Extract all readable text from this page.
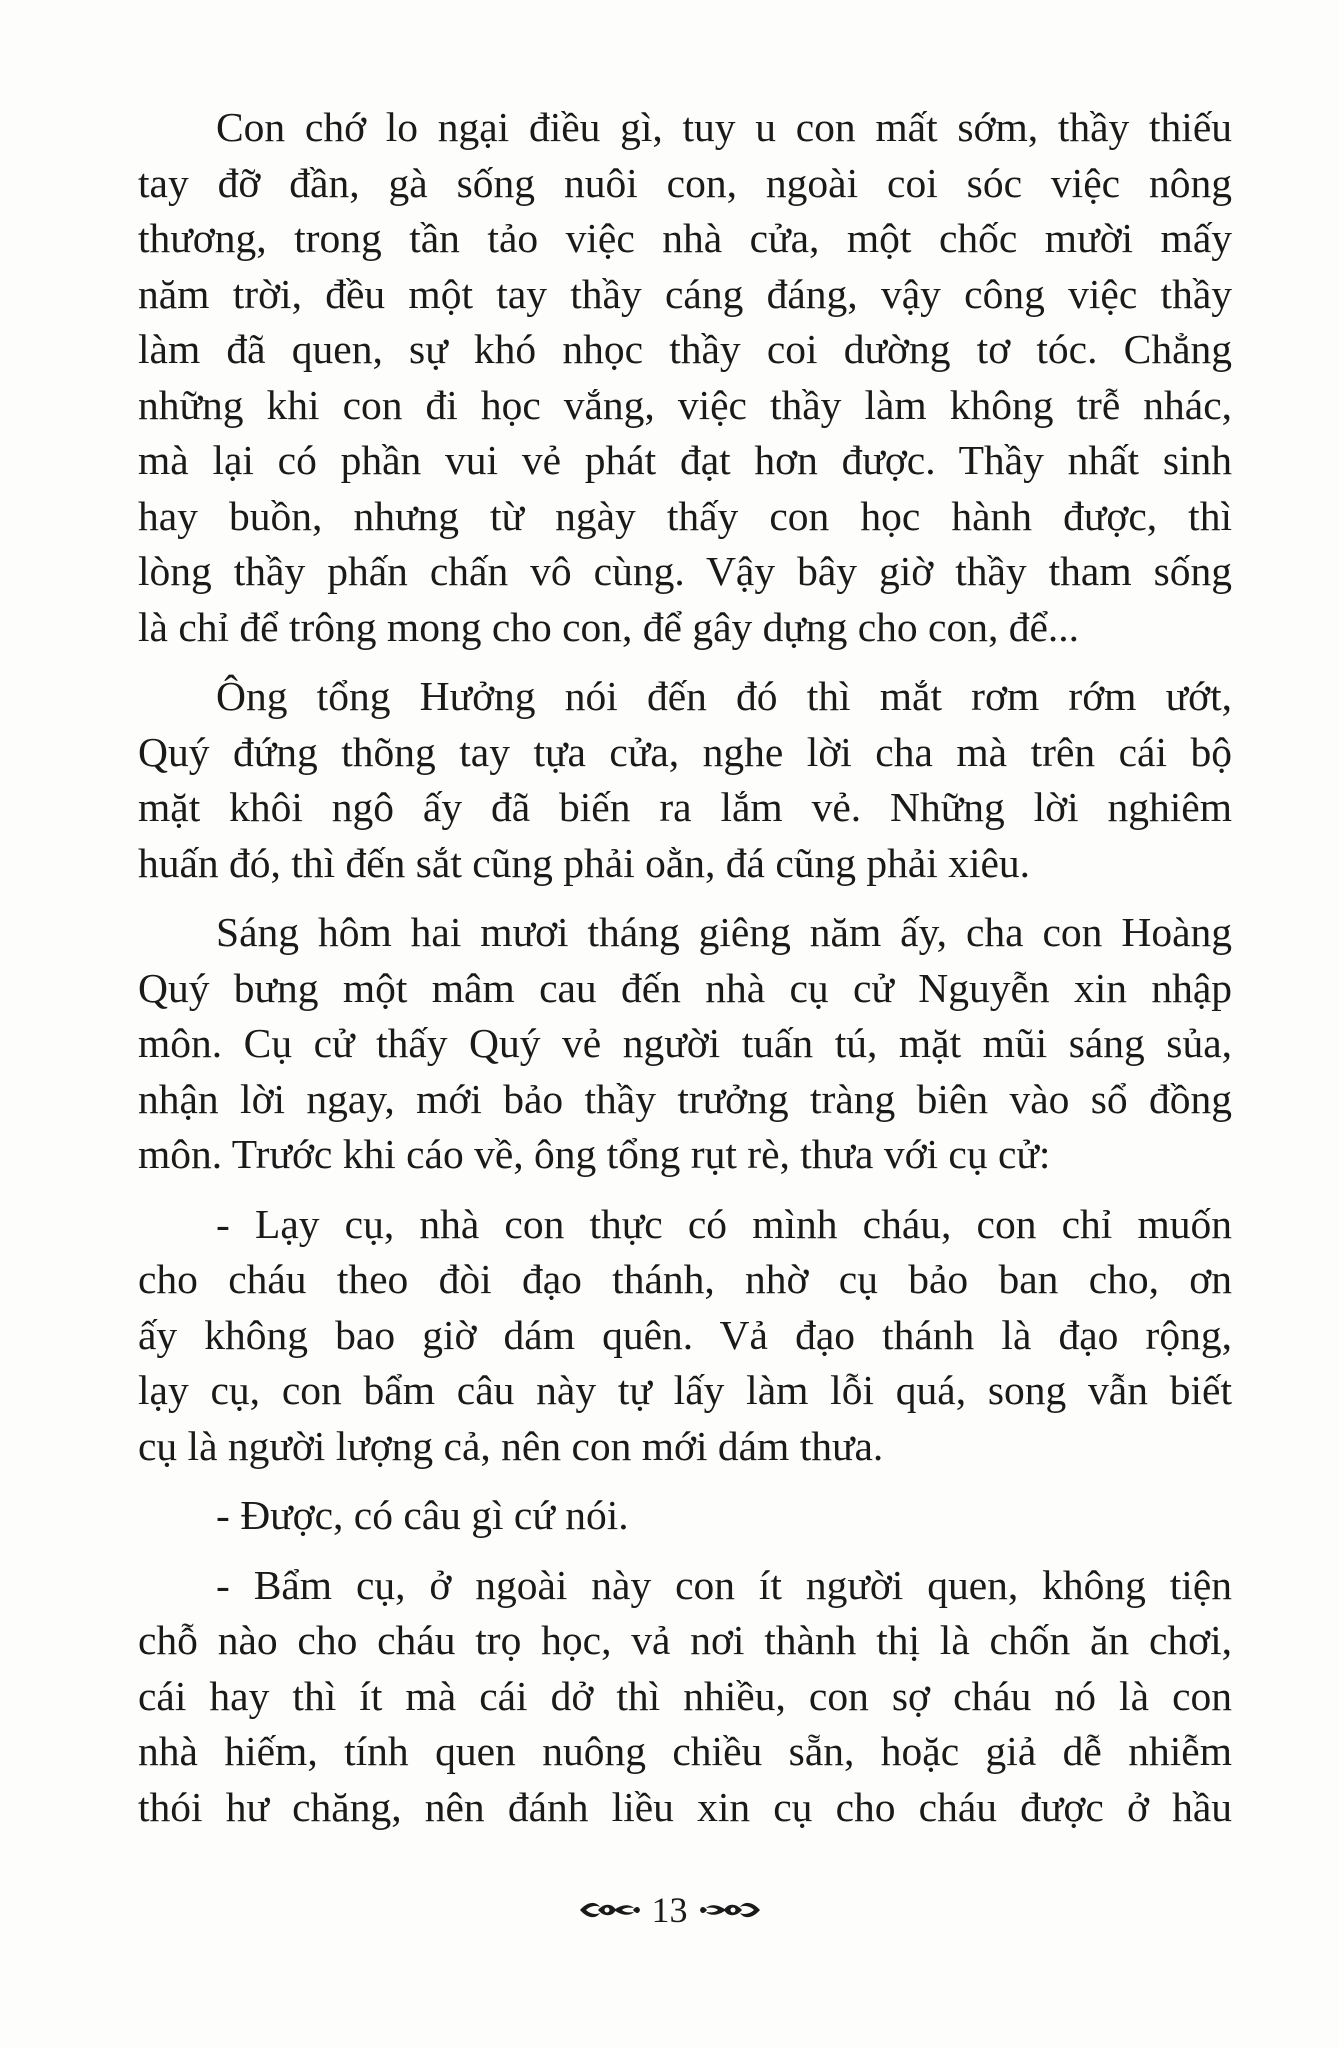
Con chớ lo ngại điều gì, tuy u con mất sớm, thầy thiếu
tay đỡ đần, gà sống nuôi con, ngoài coi sóc việc nông
thương, trong tần tảo việc nhà cửa, một chốc mười mấy
năm trời, đều một tay thầy cáng đáng, vậy công việc thầy
làm đã quen, sự khó nhọc thầy coi dường tơ tóc. Chẳng
những khi con đi học vắng, việc thầy làm không trễ nhác,
mà lại có phần vui vẻ phát đạt hơn được. Thầy nhất sinh
hay buồn, nhưng từ ngày thấy con học hành được, thì
lòng thầy phấn chấn vô cùng. Vậy bây giờ thầy tham sống
là chỉ để trông mong cho con, để gây dựng cho con, để...

Ông tổng Hưởng nói đến đó thì mắt rơm rớm ướt,
Quý đứng thõng tay tựa cửa, nghe lời cha mà trên cái bộ
mặt khôi ngô ấy đã biến ra lắm vẻ. Những lời nghiêm
huấn đó, thì đến sắt cũng phải oằn, đá cũng phải xiêu.

Sáng hôm hai mươi tháng giêng năm ấy, cha con Hoàng
Quý bưng một mâm cau đến nhà cụ cử Nguyễn xin nhập
môn. Cụ cử thấy Quý vẻ người tuấn tú, mặt mũi sáng sủa,
nhận lời ngay, mới bảo thầy trưởng tràng biên vào sổ đồng
môn. Trước khi cáo về, ông tổng rụt rè, thưa với cụ cử:

- Lạy cụ, nhà con thực có mình cháu, con chỉ muốn
cho cháu theo đòi đạo thánh, nhờ cụ bảo ban cho, ơn
ấy không bao giờ dám quên. Vả đạo thánh là đạo rộng,
lạy cụ, con bẩm câu này tự lấy làm lỗi quá, song vẫn biết
cụ là người lượng cả, nên con mới dám thưa.

- Được, có câu gì cứ nói.

- Bẩm cụ, ở ngoài này con ít người quen, không tiện
chỗ nào cho cháu trọ học, vả nơi thành thị là chốn ăn chơi,
cái hay thì ít mà cái dở thì nhiều, con sợ cháu nó là con
nhà hiếm, tính quen nuông chiều sẵn, hoặc giả dễ nhiễm
thói hư chăng, nên đánh liều xin cụ cho cháu được ở hầu

13
